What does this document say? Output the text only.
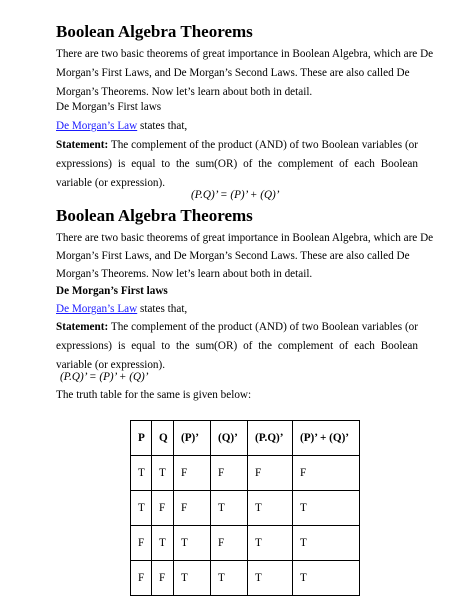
Boolean Algebra Theorems

There are two basic theorems of great importance in Boolean Algebra, which are De

Morgan’s First Laws, and De Morgan’s Second Laws. These are also called De

Morgan’s Theorems. Now let’s learn about both in detail.

De Morgan’s First laws

De Morgan’s Law states that,

Statement: The complement of the product (AND) of two Boolean variables (or expressions) is equal to the sum(OR) of the complement of each Boolean variable (or expression).

(P.Q)’ = (P)’ + (Q)’
Boolean Algebra Theorems

There are two basic theorems of great importance in Boolean Algebra, which are De

Morgan’s First Laws, and De Morgan’s Second Laws. These are also called De

Morgan’s Theorems. Now let’s learn about both in detail.

De Morgan’s First laws

De Morgan’s Law states that,

Statement: The complement of the product (AND) of two Boolean variables (or expressions) is equal to the sum(OR) of the complement of each Boolean variable (or expression).

(P.Q)’ = (P)’ + (Q)’

The truth table for the same is given below:

P	Q	(P)’	(Q)’	(P.Q)’	(P)’ + (Q)’
T	T	F	F	F	F
T	F	F	T	T	T
F	T	T	F	T	T
F	F	T	T	T	T
